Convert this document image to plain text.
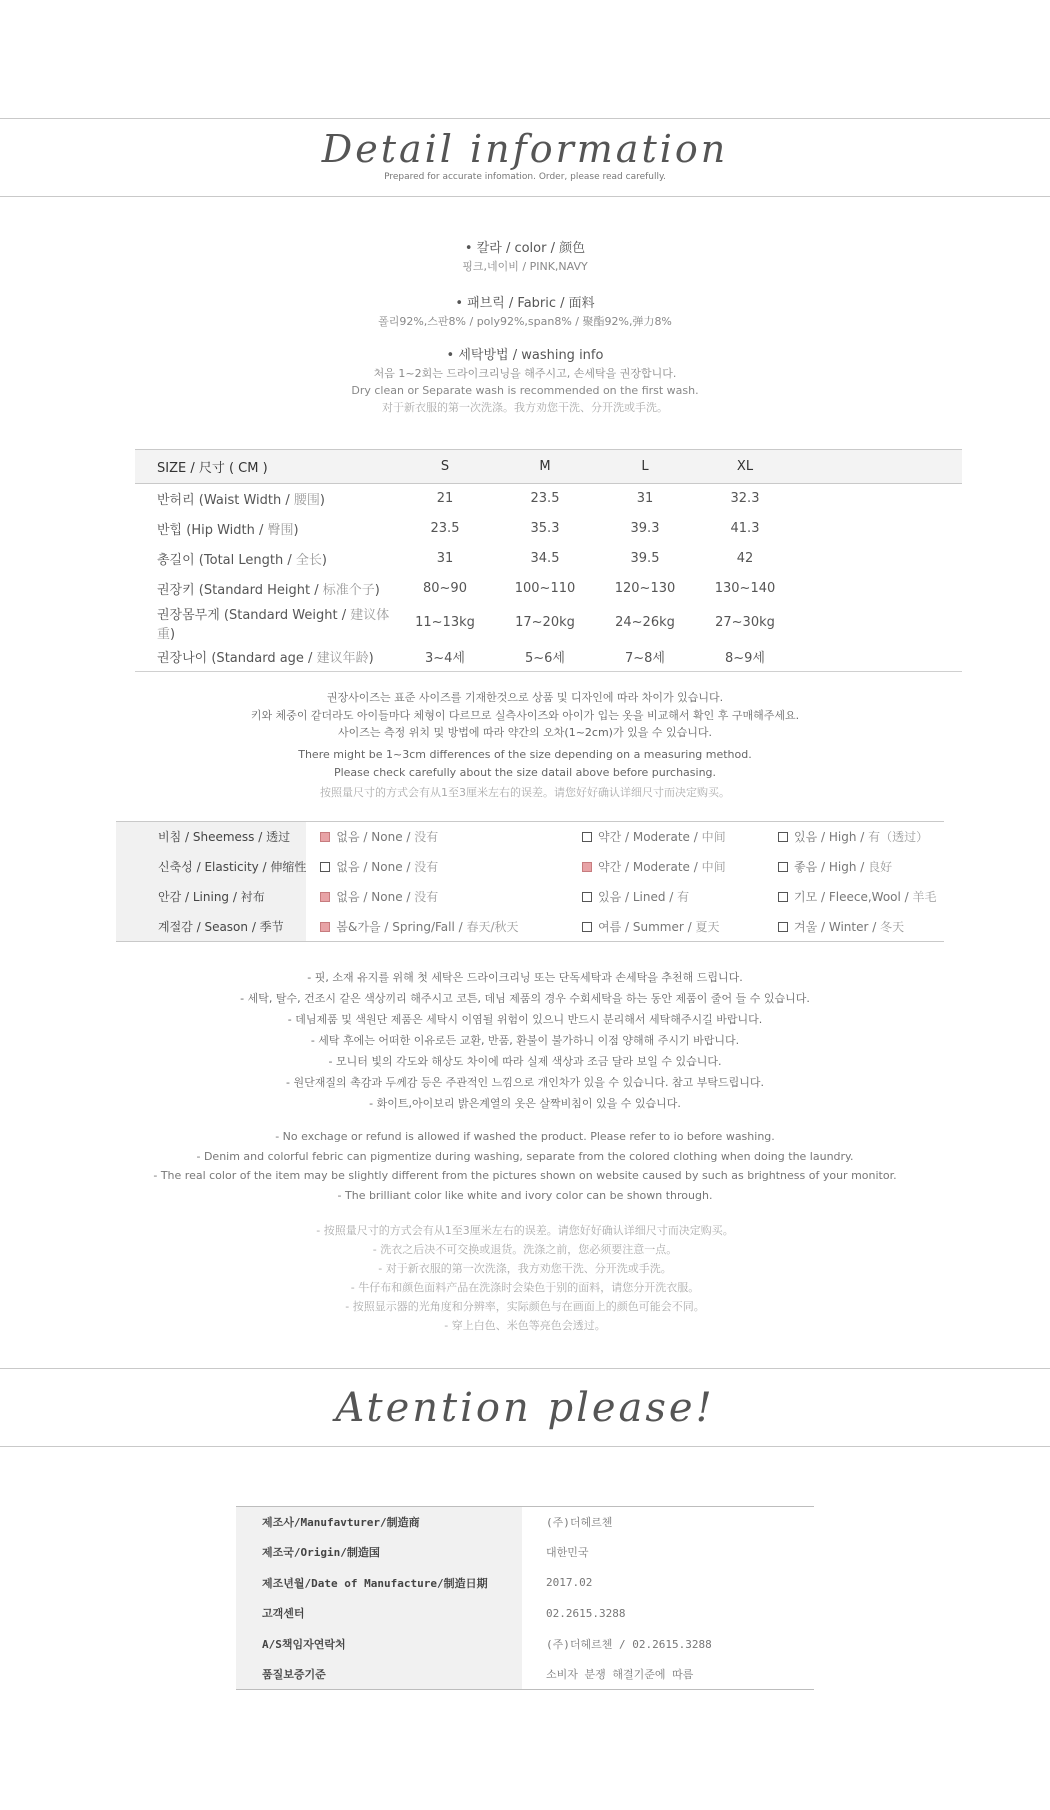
Detail information
Prepared for accurate infomation. Order, please read carefully.
• 칼라 / color / 颜色
핑크,네이비 / PINK,NAVY
• 패브릭 / Fabric / 面料
폴리92%,스판8% / poly92%,span8% / 聚酯92%,弹力8%
• 세탁방법 / washing info
처음 1~2회는 드라이크리닝을 해주시고, 손세탁을 권장합니다.
Dry clean or Separate wash is recommended on the first wash.
对于新衣服的第一次洗涤。我方劝您干洗、分开洗或手洗。
SIZE / 尺寸 ( CM )	S	M	L	XL	
반허리 (Waist Width / 腰围)	21	23.5	31	32.3	
반힙 (Hip Width / 臀围)	23.5	35.3	39.3	41.3	
총길이 (Total Length / 全长)	31	34.5	39.5	42	
권장키 (Standard Height / 标准个子)	80~90	100~110	120~130	130~140	
권장몸무게 (Standard Weight / 建议体重)	11~13kg	17~20kg	24~26kg	27~30kg	
권장나이 (Standard age / 建议年龄)	3~4세	5~6세	7~8세	8~9세	
권장사이즈는 표준 사이즈를 기재한것으로 상품 및 디자인에 따라 차이가 있습니다.
키와 체중이 같더라도 아이들마다 체형이 다르므로 실측사이즈와 아이가 입는 옷을 비교해서 확인 후 구매해주세요.
사이즈는 측정 위치 및 방법에 따라 약간의 오차(1~2cm)가 있을 수 있습니다.
There might be 1~3cm differences of the size depending on a measuring method.
Please check carefully about the size datail above before purchasing.
按照量尺寸的方式会有从1至3厘米左右的误差。请您好好确认详细尺寸而决定购买。
비침 / Sheemess / 透过	없음 / None / 没有	약간 / Moderate / 中间	있음 / High / 有（透过）
신축성 / Elasticity / 伸缩性	없음 / None / 没有	약간 / Moderate / 中间	좋음 / High / 良好
안감 / Lining / 衬布	없음 / None / 没有	있음 / Lined / 有	기모 / Fleece,Wool / 羊毛
계절감 / Season / 季节	봄&가을 / Spring/Fall / 春天/秋天	여름 / Summer / 夏天	겨울 / Winter / 冬天
- 핏, 소재 유지를 위해 첫 세탁은 드라이크리닝 또는 단독세탁과 손세탁을 추천해 드립니다.
- 세탁, 탈수, 건조시 같은 색상끼리 해주시고 코튼, 데님 제품의 경우 수회세탁을 하는 동안 제품이 줄어 들 수 있습니다.
- 데님제품 및 색원단 제품은 세탁시 이염될 위험이 있으니 반드시 분리해서 세탁해주시길 바랍니다.
- 세탁 후에는 어떠한 이유로든 교환, 반품, 환불이 불가하니 이점 양해해 주시기 바랍니다.
- 모니터 빛의 각도와 해상도 차이에 따라 실제 색상과 조금 달라 보일 수 있습니다.
- 원단재질의 촉감과 두께감 등은 주관적인 느낌으로 개인차가 있을 수 있습니다. 참고 부탁드립니다.
- 화이트,아이보리 밝은계열의 옷은 살짝비침이 있을 수 있습니다.
- No exchage or refund is allowed if washed the product. Please refer to io before washing.
- Denim and colorful febric can pigmentize during washing, separate from the colored clothing when doing the laundry.
- The real color of the item may be slightly different from the pictures shown on website caused by such as brightness of your monitor.
- The brilliant color like white and ivory color can be shown through.
- 按照量尺寸的方式会有从1至3厘米左右的误差。请您好好确认详细尺寸而决定购买。
- 洗衣之后决不可交换或退货。洗涤之前，您必须要注意一点。
- 对于新衣服的第一次洗涤，我方劝您干洗、分开洗或手洗。
- 牛仔布和颜色面料产品在洗涤时会染色于别的面料，请您分开洗衣服。
- 按照显示器的光角度和分辨率，实际颜色与在画面上的颜色可能会不同。
- 穿上白色、米色等亮色会透过。
Atention please!
제조사/Manufavturer/制造商	(주)더헤르첸
제조국/Origin/制造国	대한민국
제조년월/Date of Manufacture/制造日期	2017.02
고객센터	02.2615.3288
A/S책임자연락처	(주)더헤르첸 / 02.2615.3288
품질보증기준	소비자 분쟁 해결기준에 따름
